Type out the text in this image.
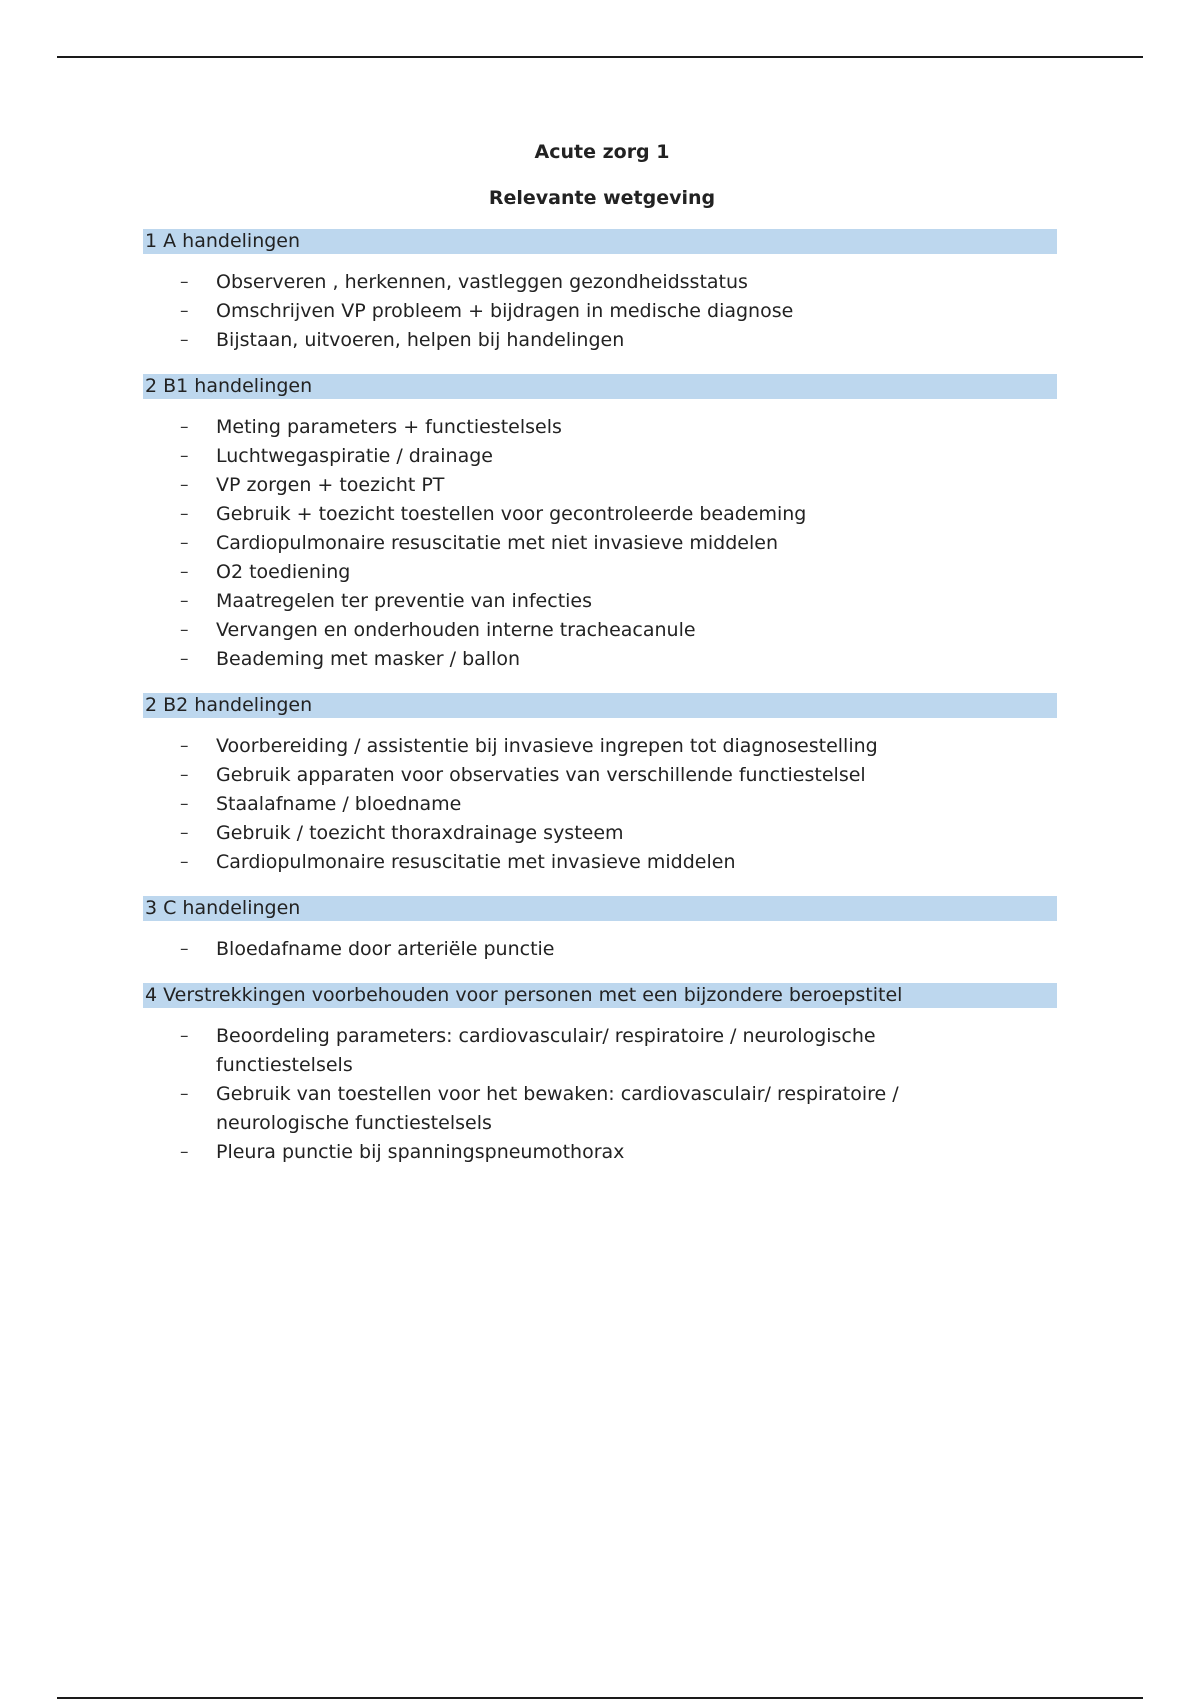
Acute zorg 1
Relevante wetgeving
1 A handelingen
– Observeren , herkennen, vastleggen gezondheidsstatus
– Omschrijven VP probleem + bijdragen in medische diagnose
– Bijstaan, uitvoeren, helpen bij handelingen
2 B1 handelingen
– Meting parameters + functiestelsels
– Luchtwegaspiratie / drainage
– VP zorgen + toezicht PT
– Gebruik + toezicht toestellen voor gecontroleerde beademing
– Cardiopulmonaire resuscitatie met niet invasieve middelen
– O2 toediening
– Maatregelen ter preventie van infecties
– Vervangen en onderhouden interne tracheacanule
– Beademing met masker / ballon
2 B2 handelingen
– Voorbereiding / assistentie bij invasieve ingrepen tot diagnosestelling
– Gebruik apparaten voor observaties van verschillende functiestelsel
– Staalafname / bloedname
– Gebruik / toezicht thoraxdrainage systeem
– Cardiopulmonaire resuscitatie met invasieve middelen
3 C handelingen
– Bloedafname door arteriële punctie
4 Verstrekkingen voorbehouden voor personen met een bijzondere beroepstitel
– Beoordeling parameters: cardiovasculair/ respiratoire / neurologische functiestelsels
– Gebruik van toestellen voor het bewaken: cardiovasculair/ respiratoire / neurologische functiestelsels
– Pleura punctie bij spanningspneumothorax
